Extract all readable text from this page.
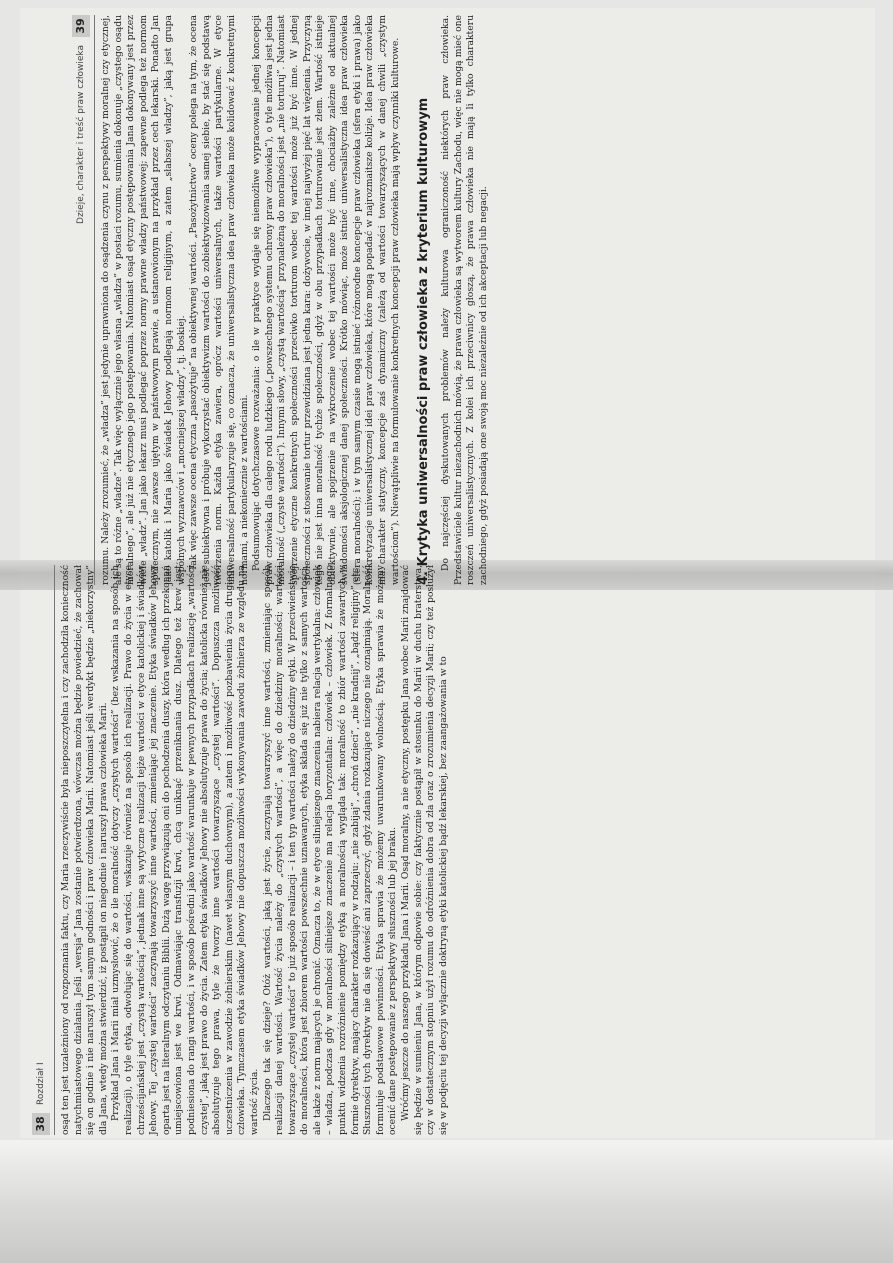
38
Rozdział I osąd ten jest uzależniony od rozpoznania faktu, czy Maria rzeczywiście była nieposzczytelna i czy zachodziła konieczność natychmiastowego działania. Jeśli „wersja” Jana zostanie potwierdzona, wówczas można będzie powiedzieć, że zachował się on godnie i nie naruszył tym samym godności i praw człowieka Marii. Natomiast jeśli werdykt będzie „niekorzystny” dla Jana, wtedy można stwierdzić, iż postąpił on niegodnie i naruszył prawa człowieka Marii. Przykład Jana i Marii miał uzmysłowić, że o ile moralność dotyczy „czystych wartości” (bez wskazania na sposób ich realizacji), o tyle etyka, odwołując się do wartości, wskazuje również na sposób ich realizacji. Prawo do życia w etyce chrześcijańskiej jest „czystą wartością”, jednak inne są wytyczne realizacji tejże wartości w etyce katolickiej i świadków Jehowy. Tej „czystej wartości” zaczynają towarzyszyć inne wartości, zmieniając jej znaczenie. Etyka świadków Jehowy oparta jest na literalnym odczytaniu Biblii. Dużą wagę przywiązują oni do pochodzenia duszy, która według ich przekonań umiejscowiona jest we krwi. Odmawiając transfuzji krwi, chcą uniknąć przeniknania dusz. Dlatego też krew jest podniesiona do rangi wartości, i w sposób pośredni jako wartość warunkuje w pewnych przypadkach realizację „wartości czystej”, jaką jest prawo do życia. Zatem etyka świadków Jehowy nie absolutyzuje prawa do życia; katolicka również nie absolutyzuje tego prawa, tyle że tworzy inne wartości towarzyszące „czystej wartości”. Dopuszcza możliwość uczestniczenia w zawodzie żołnierskim (nawet własnym duchownym), a zatem i możliwość pozbawienia życia drugiego człowieka. Tymczasem etyka świadków Jehowy nie dopuszcza możliwości wykonywania zawodu żołnierza ze względu na wartość życia. Dlaczego tak się dzieje? Otóż wartości, jaką jest życie, zaczynają towarzyszyć inne wartości, zmieniając sposób realizacji danej wartości. Wartość życia należy do „czystych wartości”, a więc do dziedziny moralności; wartości towarzyszące „czystej wartości” to już sposób realizacji – i ten typ wartości należy do dziedziny etyki. W przeciwieństwie do moralności, która jest zbiorem wartości powszechnie uznawanych, etyka składa się już nie tylko z samych wartości, ale także z norm mających je chronić. Oznacza to, że w etyce silniejszego znaczenia nabiera relacja wertykalna: człowiek – władza, podczas gdy w moralności silniejsze znaczenie ma relacja horyzontalna: człowiek – człowiek. Z formalnego punktu widzenia rozróżnienie pomiędzy etyką a moralnością wygląda tak: moralność to zbiór wartości zawartych w formie dyrektyw, mający charakter rozkazujący w rodzaju: „nie zabijaj”, „chroń dzieci”, „nie kradnij”, „bądź religijny” etc. Słuszności tych dyrektyw nie da się dowieść ani zaprzeczyć, gdyż zdania rozkazujące niczego nie oznajmiają. Moralność formułuje podstawowe powinności. Etyka sprawia że możemy uwarunkowany wolnością. Etyka sprawia że możemy ocenić dane postępowanie z perspektywy słuszności lub jej braku. Wróćmy jeszcze do naszego przykładu Jana i Marii. Osąd moralny, a nie etyczny, postępku Jana wobec Marii znajdować się będzie w sumieniu Jana, w którym odpowie sobie: czy faktycznie postąpił w stosunku do Marii w duchu braterstwa, czy w dostatecznym stopniu użył rozumu do odróżnienia dobra od zła oraz o zrozumienia decyzji Marii; czy też posłużył się w podjęciu tej decyzji wyłącznie doktryną etyki katolickiej bądź lekarskiej, bez zaangażowania w to

Dzieje, charakter i treść praw człowieka
39	rozumu. Należy zrozumieć, że „władza” jest jedynie uprawniona do osądzenia czynu z perspektywy moralnej czy etycznej, ale są to różne „władze”. Tak więc wyłącznie jego własna „władza” w postaci rozumu, sumienia dokonuje „czystego osądu moralnego”, ale już nie etycznego jego postępowania. Natomiast osąd etyczny postępowania Jana dokonywany jest przez wiele „władz”. Jan jako lekarz musi podlegać poprzez normy prawne władzy państwowej; zapewne podlega też normom społecznym, nie zawsze ujętym w państwowym prawie, a ustanowionym na przykład przez cech lekarski. Ponadto Jan jako katolik i Maria jako świadek Jehowy podlegają normom religijnym, a zatem „słabszej władzy”, jaką jest grupa współnych wyznawców i „mocniejszej władzy”, tj. boskiej. Tak więc zawsze ocena etyczna „pasożytuje” na obiektywnej wartości. „Pasożytnictwo” oceny polega na tym, że ocena jest subiektywna i próbuje wykorzystać obiektywizm wartości do zobiektywizowania samej siebie, by stać się podstawą tworzenia norm. Każda etyka zawiera, oprócz wartości uniwersalnych, także wartości partykularne. W etyce uniwersalność partykularyzuje się, co oznacza, że uniwersalistyczna idea praw człowieka może kolidować z konkretnymi normami, a niekoniecznie z wartościami. Podsumowując dotychczasowe rozważania: o ile w praktyce wydaje się niemożliwe wypracowanie jednej koncepcji praw człowieka dla całego rodu ludzkiego („powszechnego systemu ochrony praw człowieka”), o tyle możliwa jest jedna moralność („czyste wartości”). Innymi słowy, „czystą wartością” przynależną do moralności jest „nie torturuj”. Natomiast spojrzenie etyczne konkretnych społeczności przeciwko torturom wobec tej wartości może już być inne. W jednej społeczności z stosowanie tortur przewidziana jest jedna kara: dożywocie, w innej najwyżej pięć lat więzienia. Przyczyną tego nie jest inna moralność tychże społeczności, gdyż w obu przypadkach torturowanie jest złem. Wartość istnieje obiektywnie, ale spojrzenie na wykroczenie wobec tej wartości może być inne, chociażby zależne od aktualnej świadomości aksjologicznej danej społeczności. Krótko mówiąc, może istnieć uniwersalistyczna idea praw człowieka (sfera moralności); i w tym samym czasie mogą istnieć różnorodne koncepcje praw człowieka (sfera etyki i prawa) jako konkretyzacje uniwersalistycznej idei praw człowieka, które mogą popadać w najrozmaitsze kolizje. Idea praw człowieka ma charakter statyczny, koncepcje zaś dynamiczny (zależą od wartości towarzyszących w danej chwili „czystym wartościom”). Niewątpliwie na formułowanie konkretnych koncepcji praw człowieka mają wpływ czynniki kulturowe. 4. Krytyka uniwersalności praw człowieka z kryterium kulturowym Do najczęściej dyskutowanych problemów należy kulturowa ograniczoność niektórych praw człowieka. Przedstawiciele kultur niezachodnich mówią, że prawa człowieka są wytworem kultury Zachodu, więc nie mogą mieć one roszczeń uniwersalistycznych. Z kolei ich przeciwnicy głoszą, że prawa człowieka nie mają li tylko charakteru zachodniego, gdyż posiadają one swoją moc niezależnie od ich akceptacji lub negacji.
